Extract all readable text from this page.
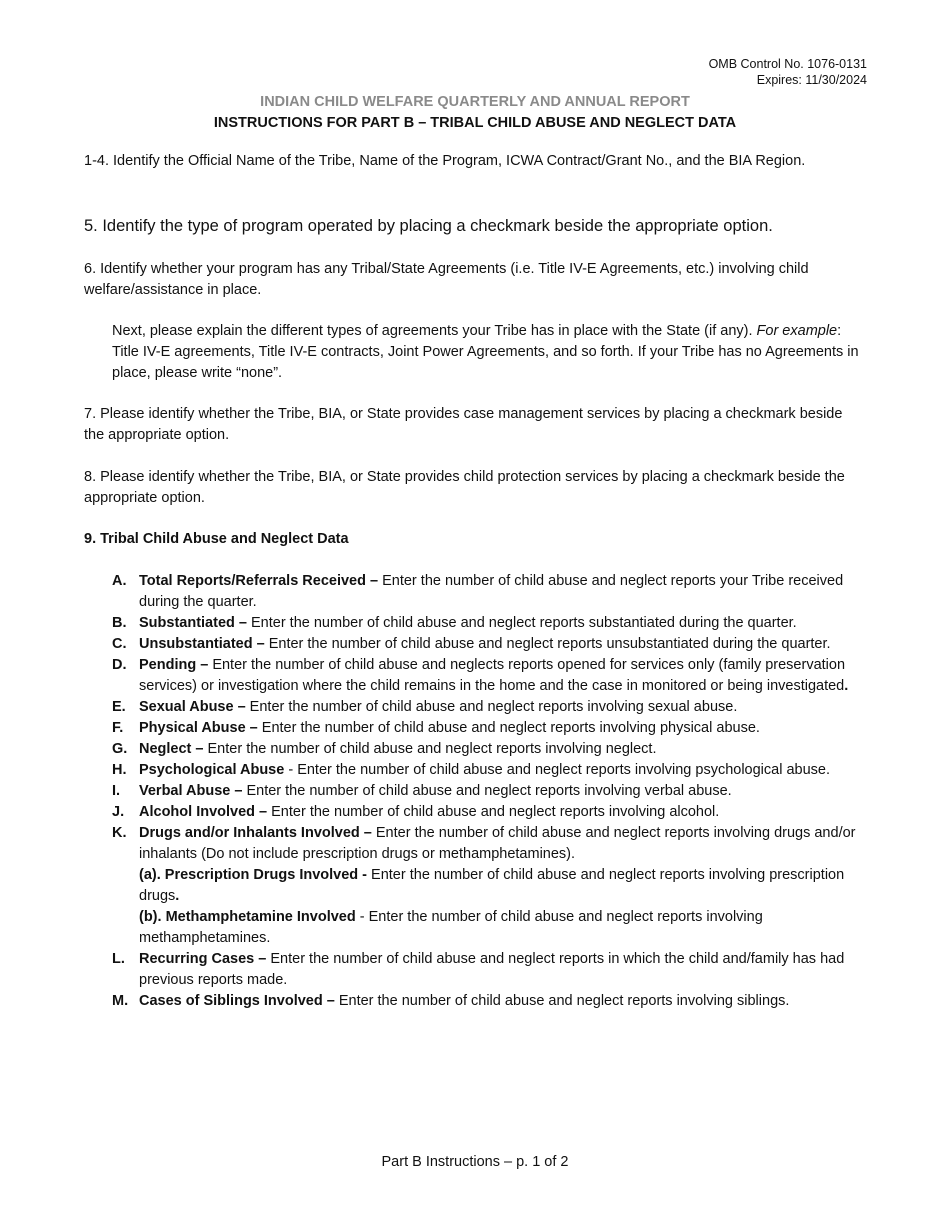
OMB Control No. 1076-0131
Expires: 11/30/2024
INDIAN CHILD WELFARE QUARTERLY AND ANNUAL REPORT
INSTRUCTIONS FOR PART B – TRIBAL CHILD ABUSE AND NEGLECT DATA

1-4. Identify the Official Name of the Tribe, Name of the Program, ICWA Contract/Grant No., and the BIA Region.

5. Identify the type of program operated by placing a checkmark beside the appropriate option.

6. Identify whether your program has any Tribal/State Agreements (i.e. Title IV-E Agreements, etc.) involving child welfare/assistance in place.

Next, please explain the different types of agreements your Tribe has in place with the State (if any). For example: Title IV-E agreements, Title IV-E contracts, Joint Power Agreements, and so forth. If your Tribe has no Agreements in place, please write “none”.

7. Please identify whether the Tribe, BIA, or State provides case management services by placing a checkmark beside the appropriate option.

8. Please identify whether the Tribe, BIA, or State provides child protection services by placing a checkmark beside the appropriate option.

9. Tribal Child Abuse and Neglect Data
A. Total Reports/Referrals Received – Enter the number of child abuse and neglect reports your Tribe received during the quarter.
B. Substantiated – Enter the number of child abuse and neglect reports substantiated during the quarter.
C. Unsubstantiated – Enter the number of child abuse and neglect reports unsubstantiated during the quarter.
D. Pending – Enter the number of child abuse and neglects reports opened for services only (family preservation services) or investigation where the child remains in the home and the case in monitored or being investigated.
E. Sexual Abuse – Enter the number of child abuse and neglect reports involving sexual abuse.
F. Physical Abuse – Enter the number of child abuse and neglect reports involving physical abuse.
G. Neglect – Enter the number of child abuse and neglect reports involving neglect.
H. Psychological Abuse - Enter the number of child abuse and neglect reports involving psychological abuse.
I. Verbal Abuse – Enter the number of child abuse and neglect reports involving verbal abuse.
J. Alcohol Involved – Enter the number of child abuse and neglect reports involving alcohol.
K. Drugs and/or Inhalants Involved – Enter the number of child abuse and neglect reports involving drugs and/or inhalants (Do not include prescription drugs or methamphetamines).
(a). Prescription Drugs Involved - Enter the number of child abuse and neglect reports involving prescription drugs.
(b). Methamphetamine Involved - Enter the number of child abuse and neglect reports involving methamphetamines.
L. Recurring Cases – Enter the number of child abuse and neglect reports in which the child and/family has had previous reports made.
M. Cases of Siblings Involved – Enter the number of child abuse and neglect reports involving siblings.
Part B Instructions – p. 1 of 2
